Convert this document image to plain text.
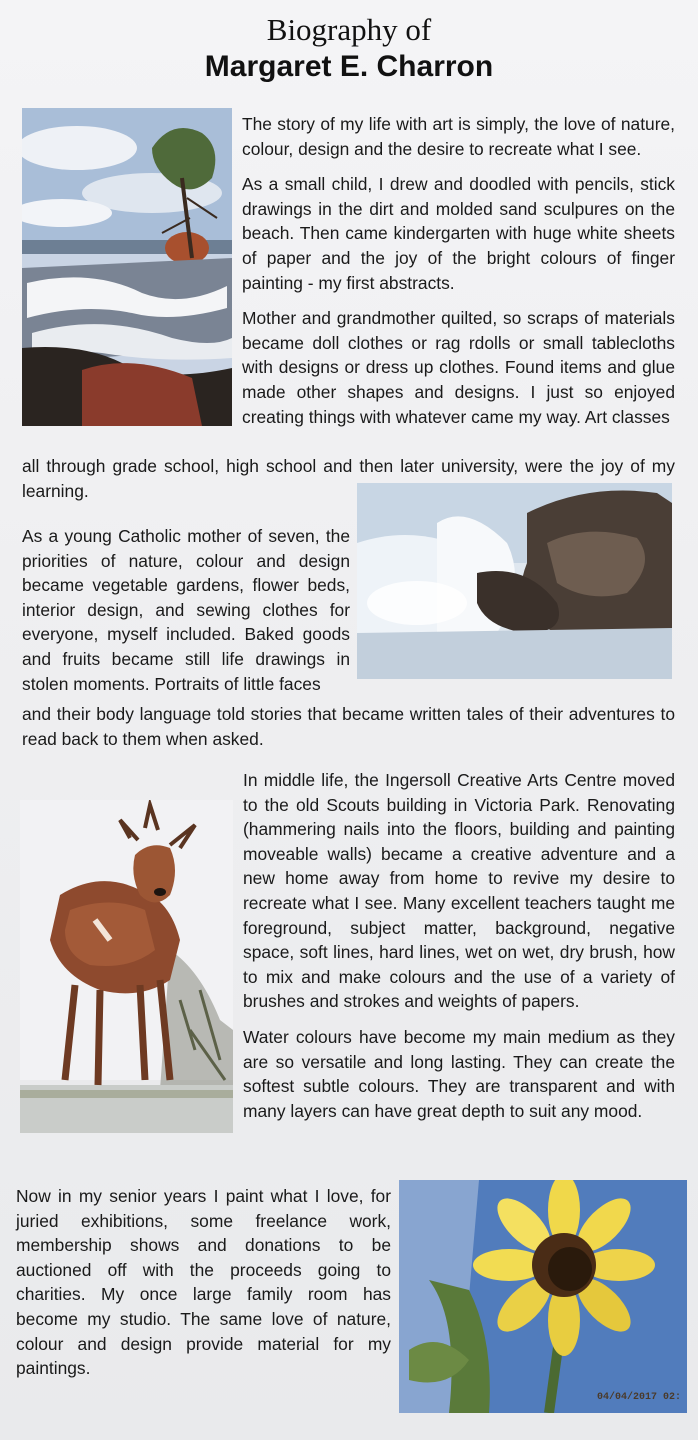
Biography of
Margaret E. Charron

The story of my life with art is simply, the love of nature, colour, design and the desire to recreate what I see.

As a small child, I drew and doodled with pencils, stick drawings in the dirt and molded sand sculpures on the beach. Then came kindergarten with huge white sheets of paper and the joy of the bright colours of finger painting - my first abstracts.

Mother and grandmother quilted, so scraps of materials became doll clothes or rag rdolls or small tablecloths with designs or dress up clothes. Found items and glue made other shapes and designs. I just so enjoyed creating things with whatever came my way. Art classes

all through grade school, high school and then later university, were the joy of my learning.

As a young Catholic mother of seven, the priorities of nature, colour and design became vegetable gardens, flower beds, interior design, and sewing clothes for everyone, myself included. Baked goods and fruits became still life drawings in stolen moments. Portraits of little faces

and their body language told stories that became written tales of their adventures to read back to them when asked.

In middle life, the Ingersoll Creative Arts Centre moved to the old Scouts building in Victoria Park. Renovating (hammering nails into the floors, building and painting moveable walls) became a creative adventure and a new home away from home to revive my desire to recreate what I see. Many excellent teachers taught me foreground, subject matter, background, negative space, soft lines, hard lines, wet on wet, dry brush, how to mix and make colours and the use of a variety of brushes and strokes and weights of papers.

Water colours have become my main medium as they are so versatile and long lasting. They can create the softest subtle colours. They are transparent and with many layers can have great depth to suit any mood.

04/04/2017 02:

Now in my senior years I paint what I love, for juried exhibitions, some freelance work, membership shows and donations to be auctioned off with the proceeds going to charities. My once large family room has become my studio. The same love of nature, colour and design provide material for my paintings.
